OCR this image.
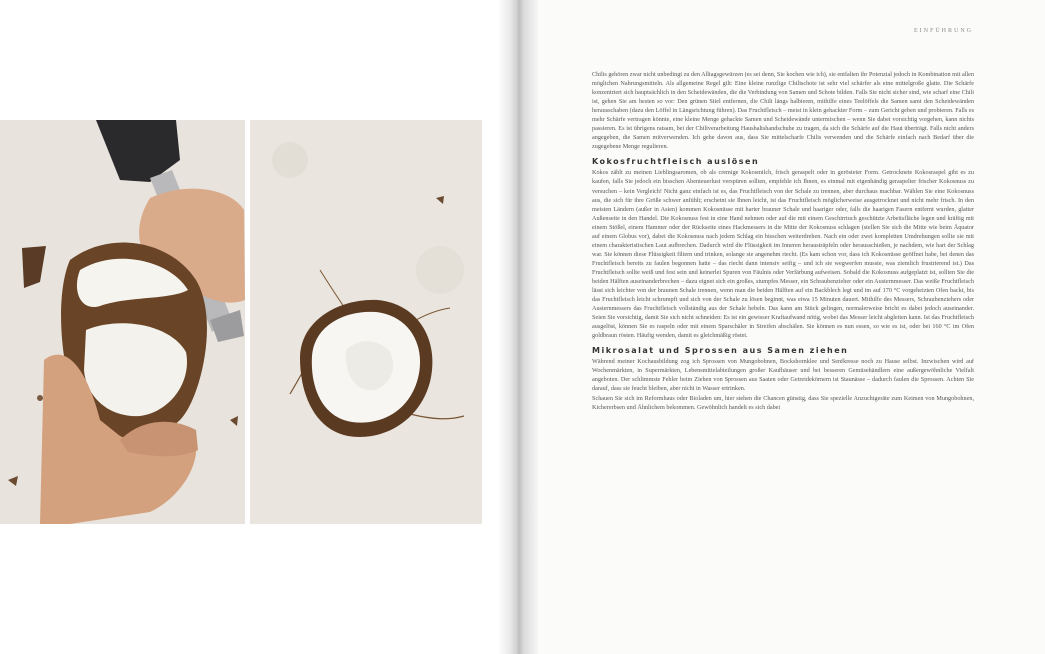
EINFÜHRUNG

Chilis gehören zwar nicht unbedingt zu den Alltagsgewürzen (es sei denn, Sie kochen wie ich), sie entfalten ihr Potenzial jedoch in Kombination mit allen möglichen Nahrungsmitteln. Als allgemeine Regel gilt: Eine kleine runzlige Chilischote ist sehr viel schärfer als eine mittelgroße glatte. Die Schärfe konzentriert sich hauptsächlich in den Scheidewänden, die die Verbindung von Samen und Schote bilden. Falls Sie nicht sicher sind, wie scharf eine Chili ist, gehen Sie am besten so vor: Den grünen Stiel entfernen, die Chili längs halbieren, mithilfe eines Teelöffels die Samen samt den Scheidewänden herausschaben (dazu den Löffel in Längsrichtung führen). Das Fruchtfleisch – meist in klein gehackter Form – zum Gericht geben und probieren. Falls es mehr Schärfe vertragen könnte, eine kleine Menge gehackte Samen und Scheidewände untermischen – wenn Sie dabei vorsichtig vorgehen, kann nichts passieren. Es ist übrigens ratsam, bei der Chiliverarbeitung Haushaltshandschuhe zu tragen, da sich die Schärfe auf die Haut überträgt. Falls nicht anders angegeben, die Samen mitverwenden. Ich gehe davon aus, dass Sie mittelscharfe Chilis verwenden und die Schärfe einfach nach Bedarf über die zugegebene Menge regulieren.

Kokosfruchtfleisch auslösen

Kokos zählt zu meinen Lieblingsaromen, ob als cremige Kokosmilch, frisch geraspelt oder in gerösteter Form. Getrocknete Kokosraspel gibt es zu kaufen, falls Sie jedoch ein bisschen Abenteuerlust verspüren sollten, empfehle ich Ihnen, es einmal mit eigenhändig geraspelter frischer Kokosnuss zu versuchen – kein Vergleich! Nicht ganz einfach ist es, das Fruchtfleisch von der Schale zu trennen, aber durchaus machbar. Wählen Sie eine Kokosnuss aus, die sich für ihre Größe schwer anfühlt; erscheint sie Ihnen leicht, ist das Fruchtfleisch möglicherweise ausgetrocknet und nicht mehr frisch. In den meisten Ländern (außer in Asien) kommen Kokosnüsse mit harter brauner Schale und haariger oder, falls die haarigen Fasern entfernt wurden, glatter Außenseite in den Handel. Die Kokosnuss fest in eine Hand nehmen oder auf die mit einem Geschirrtuch geschützte Arbeitsfläche legen und kräftig mit einem Stößel, einem Hammer oder der Rückseite eines Hackmessers in die Mitte der Kokosnuss schlagen (stellen Sie sich die Mitte wie beim Äquator auf einem Globus vor), dabei die Kokosnuss nach jedem Schlag ein bisschen weiterdrehen. Nach ein oder zwei kompletten Umdrehungen sollte sie mit einem charakteristischen Laut aufbrechen. Dadurch wird die Flüssigkeit im Inneren herausträpfeln oder herausschießen, je nachdem, wie hart der Schlag war. Sie können diese Flüssigkeit filtern und trinken, solange sie angenehm riecht. (Es kam schon vor, dass ich Kokosnüsse geöffnet habe, bei denen das Fruchtfleisch bereits zu faulen begonnen hatte – das riecht dann intensiv seifig – und ich sie wegwerfen musste, was ziemlich frustrierend ist.) Das Fruchtfleisch sollte weiß und fest sein und keinerlei Spuren von Fäulnis oder Verfärbung aufweisen. Sobald die Kokosnuss aufgeplatzt ist, sollten Sie die beiden Hälften auseinanderbrechen – dazu eignet sich ein großes, stumpfes Messer, ein Schraubenzieher oder ein Austernmesser. Das weiße Fruchtfleisch lässt sich leichter von der braunen Schale trennen, wenn man die beiden Hälften auf ein Backblech legt und im auf 170 °C vorgeheizten Ofen backt, bis das Fruchtfleisch leicht schrumpft und sich von der Schale zu lösen beginnt, was etwa 15 Minuten dauert. Mithilfe des Messers, Schraubenziehers oder Austernmessers das Fruchtfleisch vollständig aus der Schale hebeln. Das kann am Stück gelingen, normalerweise bricht es dabei jedoch auseinander. Seien Sie vorsichtig, damit Sie sich nicht schneiden: Es ist ein gewisser Kraftaufwand nötig, wobei das Messer leicht abgleiten kann. Ist das Fruchtfleisch ausgelöst, können Sie es raspeln oder mit einem Sparschäler in Streifen abschälen. Sie können es nun essen, so wie es ist, oder bei 160 °C im Ofen goldbraun rösten. Häufig wenden, damit es gleichmäßig röstet.

Mikrosalat und Sprossen aus Samen ziehen

Während meiner Kochausbildung zog ich Sprossen von Mungobohnen, Bockshornklee und Senfkresse noch zu Hause selbst. Inzwischen wird auf Wochenmärkten, in Supermärkten, Lebensmittelabteilungen großer Kaufhäuser und bei besseren Gemüsehändlern eine außergewöhnliche Vielfalt angeboten. Der schlimmste Fehler beim Ziehen von Sprossen aus Saaten oder Getreidekörnern ist Staunässe – dadurch faulen die Sprossen. Achten Sie darauf, dass sie feucht bleiben, aber nicht in Wasser ertrinken.

Schauen Sie sich im Reformhaus oder Bioladen um, hier stehen die Chancen günstig, dass Sie spezielle Anzuchtgeräte zum Keimen von Mungobohnen, Kichererbsen und Ähnlichem bekommen. Gewöhnlich handelt es sich dabei
